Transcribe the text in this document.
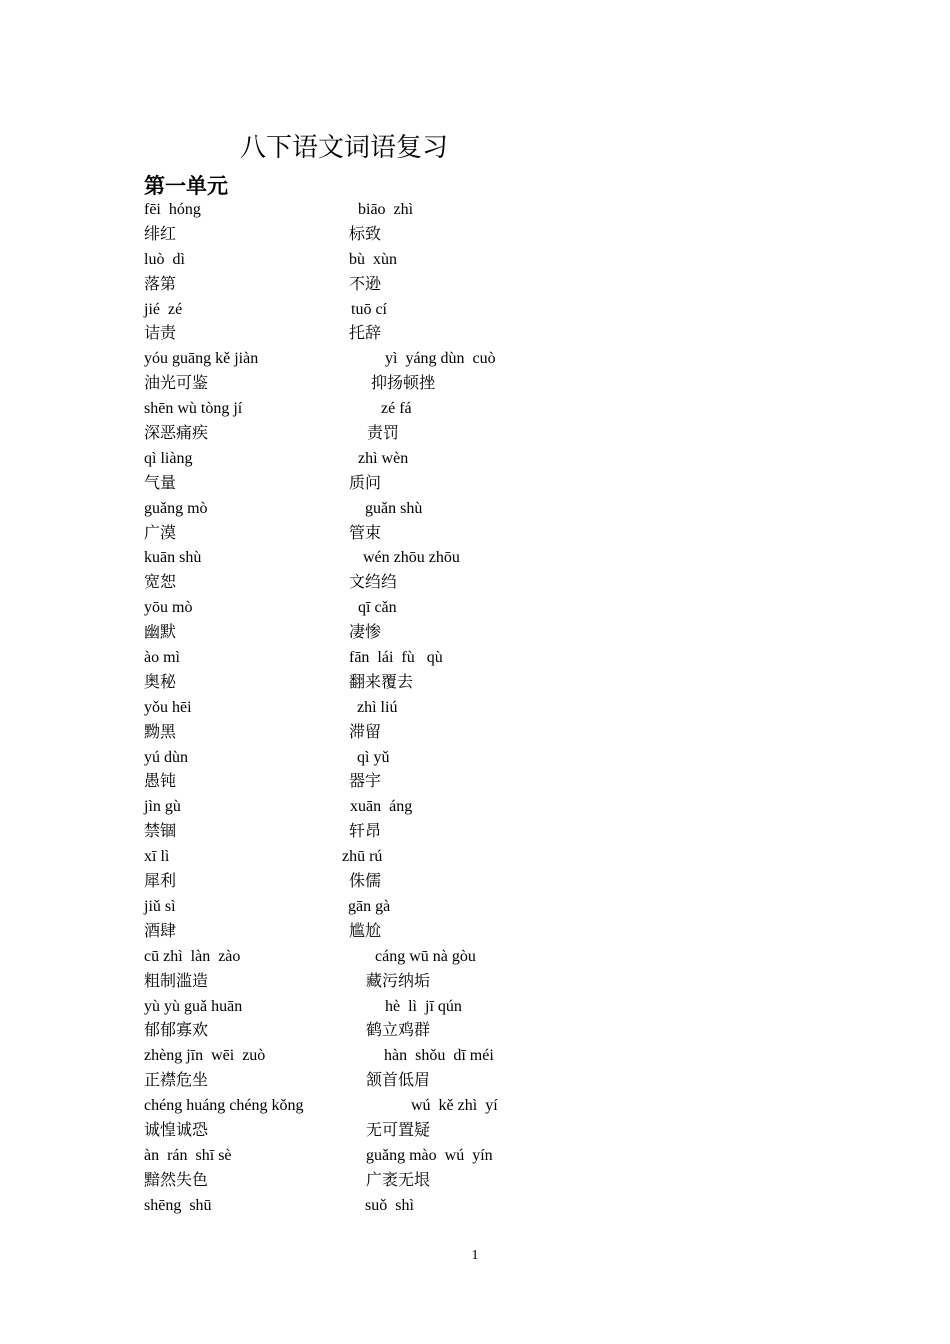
八下语文词语复习
第一单元
fēi  hóng	biāo  zhì
绯红	标致
luò  dì	bù  xùn
落第	不逊
jié  zé	tuō cí
诘责	托辞
yóu guāng kě jiàn	yì  yáng dùn  cuò
油光可鉴	抑扬顿挫
shēn wù tòng jí	zé fá
深恶痛疾	责罚
qì liàng	zhì wèn
气量	质问
guǎng mò	guǎn shù
广漠	管束
kuān shù	wén zhōu zhōu
宽恕	文绉绉
yōu mò	qī cǎn
幽默	凄惨
ào mì	fān  lái  fù   qù
奥秘	翻来覆去
yǒu hēi	zhì liú
黝黑	滞留
yú dùn	qì yǔ
愚钝	器宇
jìn gù	xuān  áng
禁锢	轩昂
xī lì	zhū rú
犀利	侏儒
jiǔ sì	gān gà
酒肆	尴尬
cū zhì  làn  zào	cáng wū nà gòu
粗制滥造	藏污纳垢
yù yù guǎ huān	hè  lì  jī qún
郁郁寡欢	鹤立鸡群
zhèng jīn  wēi  zuò	hàn  shǒu  dī méi
正襟危坐	颔首低眉
chéng huáng chéng kǒng	wú  kě zhì  yí
诚惶诚恐	无可置疑
àn  rán  shī sè	guǎng mào  wú  yín
黯然失色	广袤无垠
shēng  shū	suǒ  shì
1
